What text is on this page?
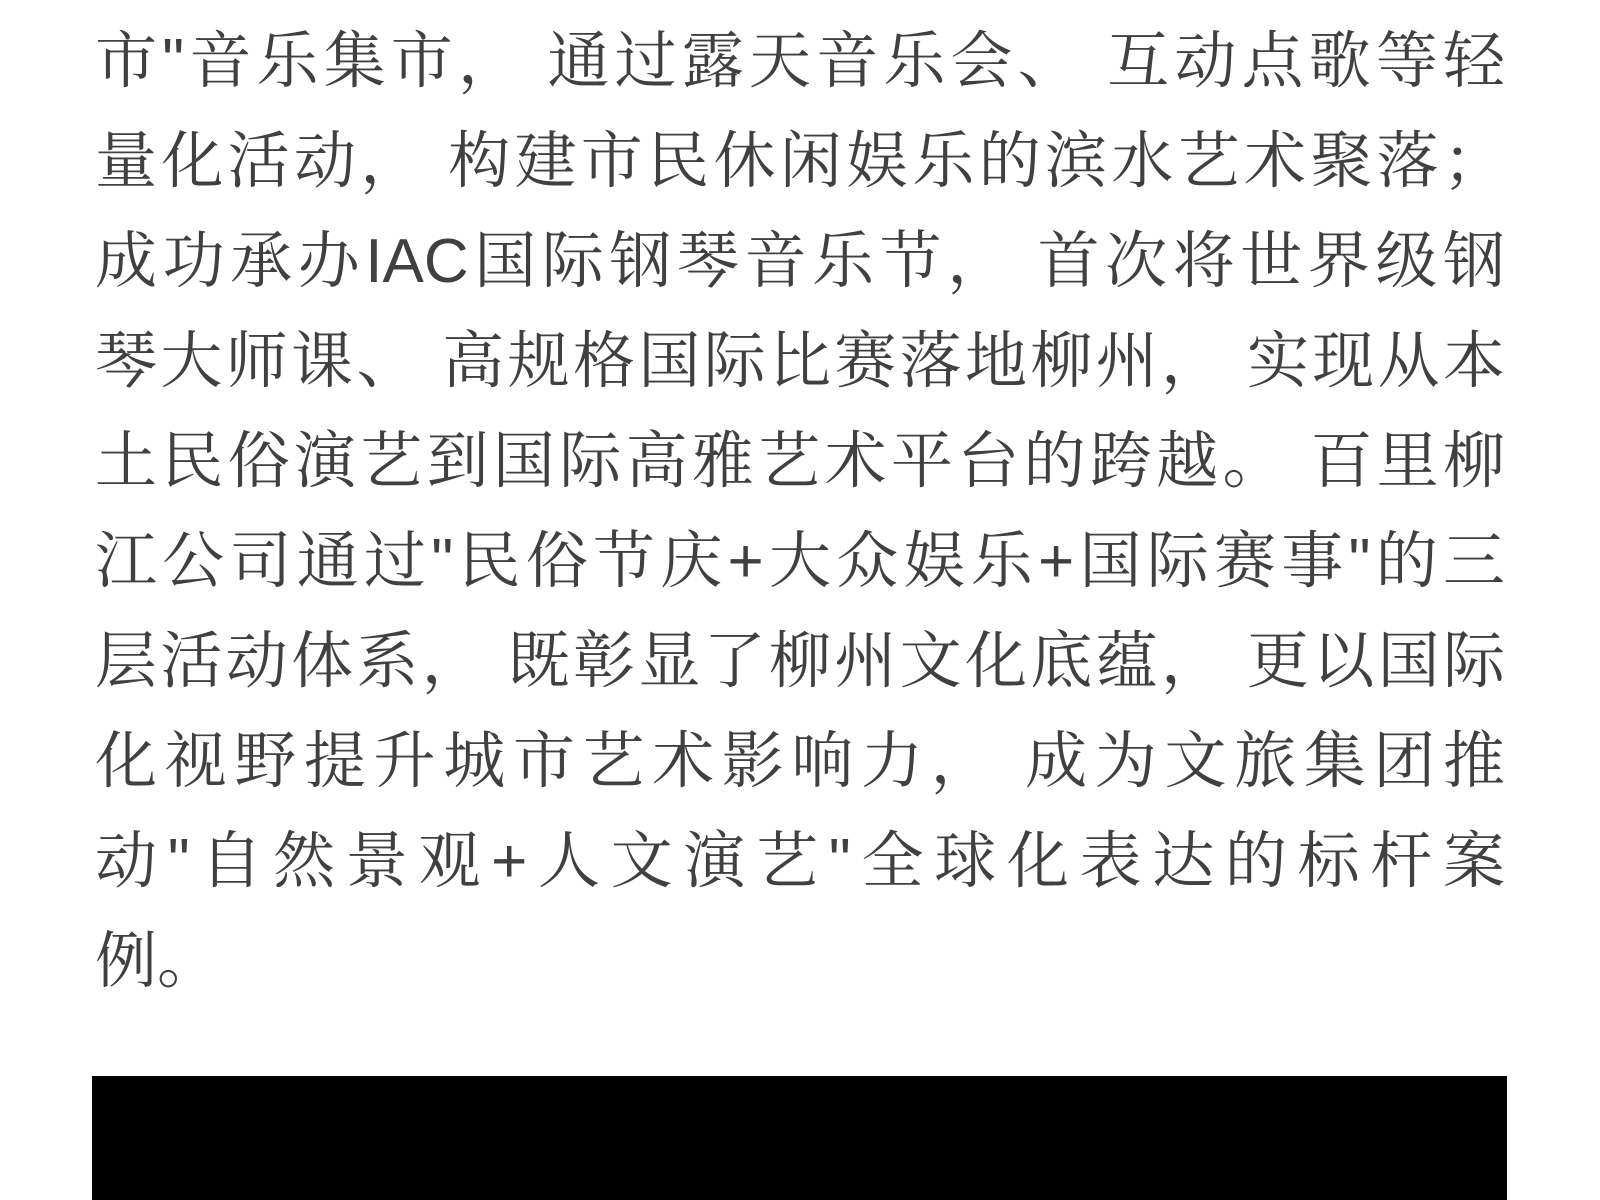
市"音乐集市， 通过露天音乐会、 互动点歌等轻
量化活动， 构建市民休闲娱乐的滨水艺术聚落；
成功承办IAC国际钢琴音乐节， 首次将世界级钢
琴大师课、 高规格国际比赛落地柳州， 实现从本
土民俗演艺到国际高雅艺术平台的跨越。 百里柳
江公司通过"民俗节庆+大众娱乐+国际赛事"的三
层活动体系， 既彰显了柳州文化底蕴， 更以国际
化视野提升城市艺术影响力， 成为文旅集团推
动"自然景观+人文演艺"全球化表达的标杆案
例。
